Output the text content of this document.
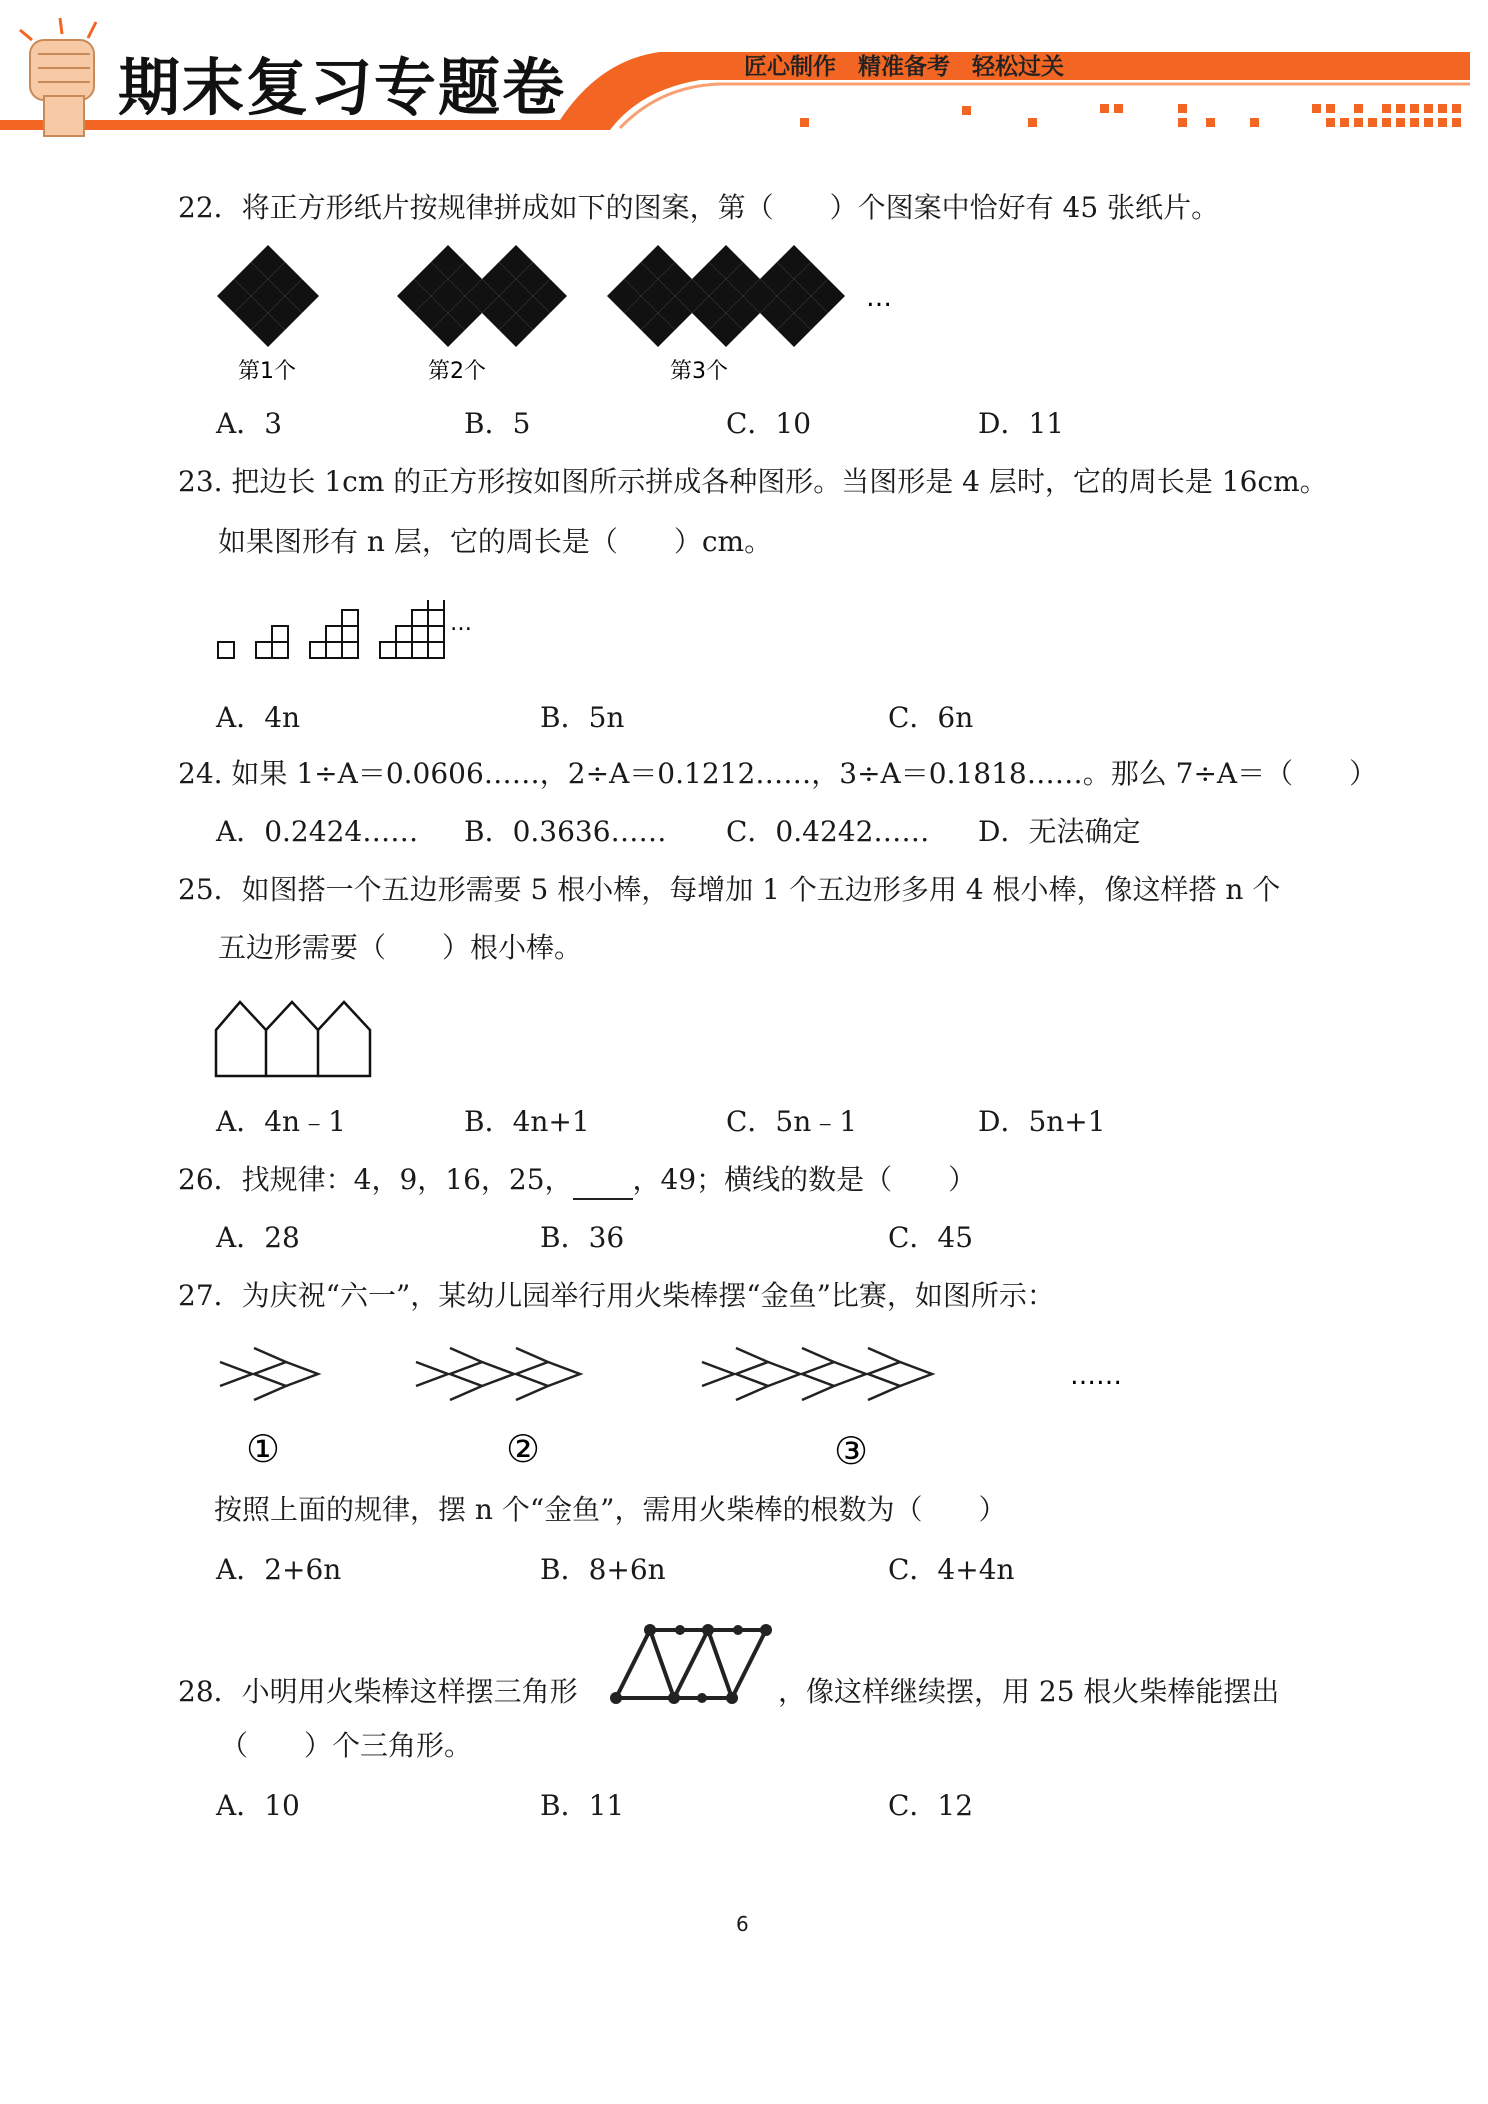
期末复习专题卷	匠心制作 精准备考 轻松过关
22．将正方形纸片按规律拼成如下的图案，第（　　）个图案中恰好有 45 张纸片。
…
第1个	第2个	第3个
A．3	B．5	C．10	D．11
23. 把边长 1cm 的正方形按如图所示拼成各种图形。当图形是 4 层时，它的周长是 16cm。
如果图形有 n 层，它的周长是（　　）cm。
…
A．4n	B．5n	C．6n
24. 如果 1÷A＝0.0606……，2÷A＝0.1212……，3÷A＝0.1818……。那么 7÷A＝（　　）
A．0.2424…… B．0.3636…… C．0.4242…… D．无法确定
25．如图搭一个五边形需要 5 根小棒，每增加 1 个五边形多用 4 根小棒，像这样搭 n 个
五边形需要（　　）根小棒。
A．4n﹣1	B．4n+1	C．5n﹣1	D．5n+1
26．找规律：4，9，16，25， ，49；横线的数是（　　）
A．28	B．36	C．45
27．为庆祝“六一”，某幼儿园举行用火柴棒摆“金鱼”比赛，如图所示：
……
①	②	③
按照上面的规律，摆 n 个“金鱼”，需用火柴棒的根数为（　　）
A．2+6n	B．8+6n	C．4+4n
28．小明用火柴棒这样摆三角形	，像这样继续摆，用 25 根火柴棒能摆出
（　　）个三角形。
A．10	B．11	C．12
6
